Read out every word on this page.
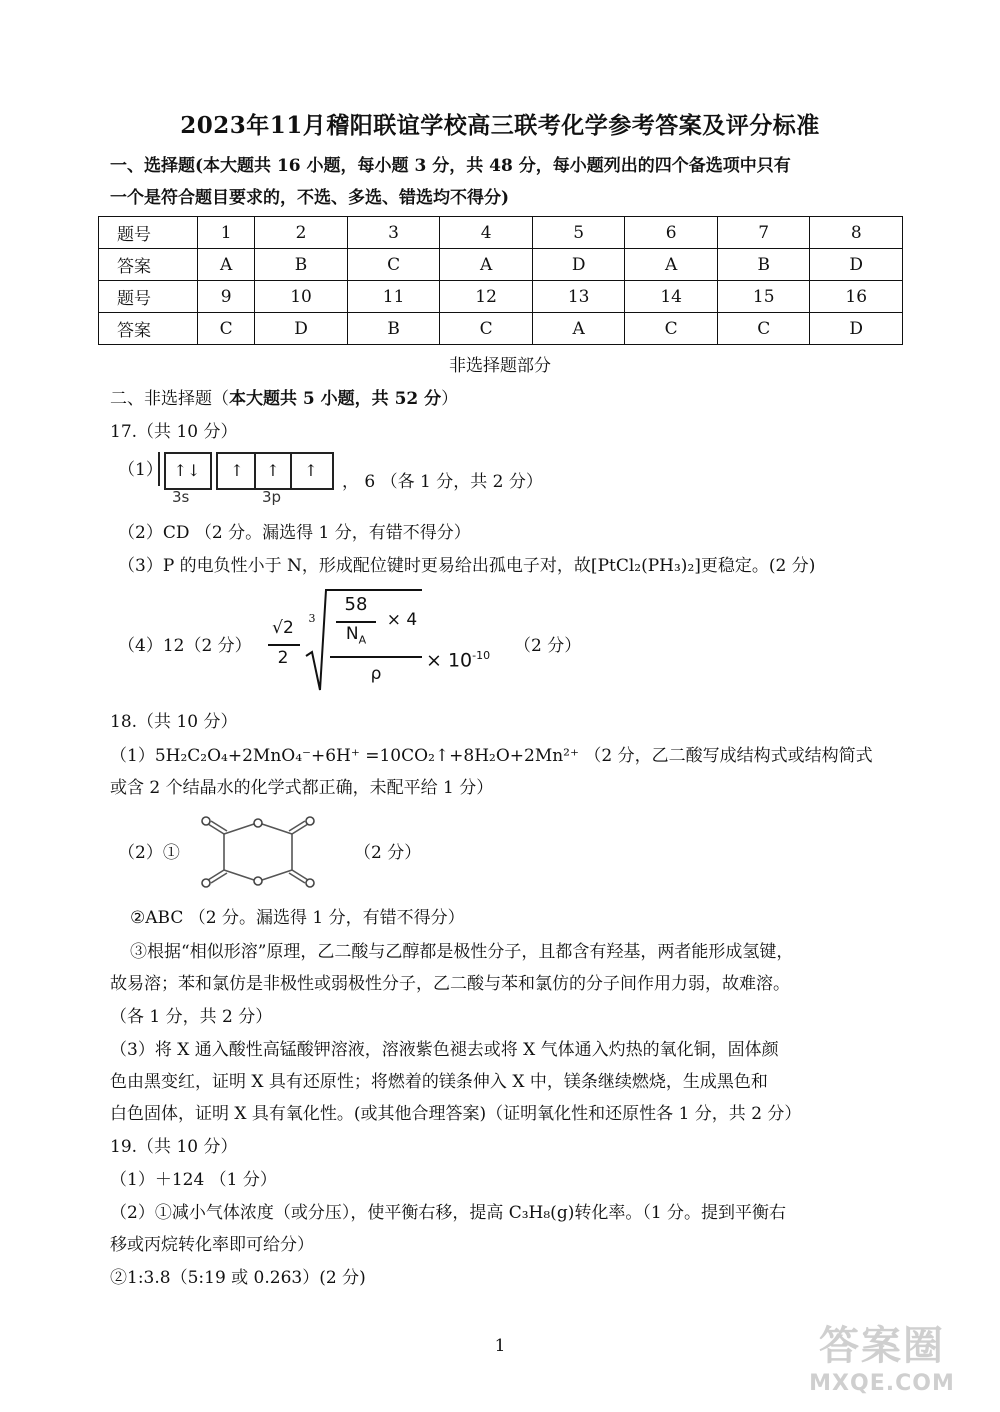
2023年11月稽阳联谊学校高三联考化学参考答案及评分标准
一、选择题(本大题共 16 小题，每小题 3 分，共 48 分，每小题列出的四个备选项中只有
一个是符合题目要求的，不选、多选、错选均不得分)
题号	1	2	3	4	5	6	7	8
答案	A	B	C	A	D	A	B	D
题号	9	10	11	12	13	14	15	16
答案	C	D	B	C	A	C	C	D
非选择题部分
二、非选择题（本大题共 5 小题，共 52 分）
17.（共 10 分）
（1） ↑↓	↑	↑	↑
3s	3p
， 6 （各 1 分，共 2 分）
（2）CD （2 分。漏选得 1 分，有错不得分）
（3）P 的电负性小于 N，形成配位键时更易给出孤电子对，故[PtCl₂(PH₃)₂]更稳定。(2 分)
（4）12（2 分）
√2
2
3
58
$N_A$
× 4
ρ
× $10^{-10}$ （2 分）
18.（共 10 分）
（1）5H₂C₂O₄+2MnO₄⁻+6H⁺ =10CO₂↑+8H₂O+2Mn²⁺ （2 分，乙二酸写成结构式或结构简式
或含 2 个结晶水的化学式都正确，未配平给 1 分）
（2）①	（2 分）
②ABC （2 分。漏选得 1 分，有错不得分）
③根据“相似形溶”原理，乙二酸与乙醇都是极性分子，且都含有羟基，两者能形成氢键，
故易溶；苯和氯仿是非极性或弱极性分子，乙二酸与苯和氯仿的分子间作用力弱，故难溶。
（各 1 分，共 2 分）
（3）将 X 通入酸性高锰酸钾溶液，溶液紫色褪去或将 X 气体通入灼热的氧化铜，固体颜
色由黑变红，证明 X 具有还原性；将燃着的镁条伸入 X 中，镁条继续燃烧，生成黑色和
白色固体，证明 X 具有氧化性。(或其他合理答案)（证明氧化性和还原性各 1 分，共 2 分）
19.（共 10 分）
（1）＋124 （1 分）
（2）①减小气体浓度（或分压），使平衡右移，提高 C₃H₈(g)转化率。（1 分。提到平衡右
移或丙烷转化率即可给分）
②1:3.8（5:19 或 0.263）(2 分)
1	答案圈
MXQE.COM
